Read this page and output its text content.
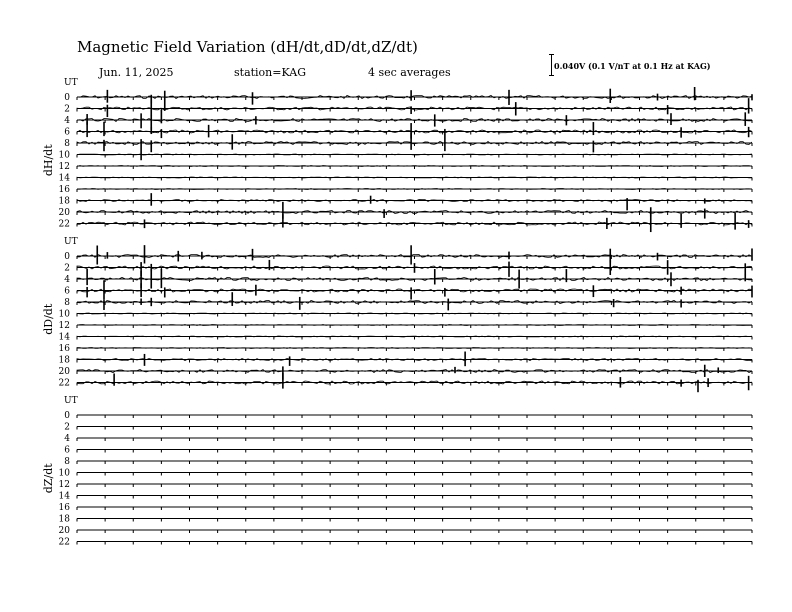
UT
dH/dt
0
2
4
6
8
10
12
14
16
18
20
22
UT
dD/dt
0
2
4
6
8
10
12
14
16
18
20
22
UT
dZ/dt
0
2
4
6
8
10
12
14
16
18
20
22
Magnetic Field Variation (dH/dt,dD/dt,dZ/dt)
Jun. 11, 2025	station=KAG	4 sec averages	0.040V (0.1 V/nT at 0.1 Hz at KAG)
